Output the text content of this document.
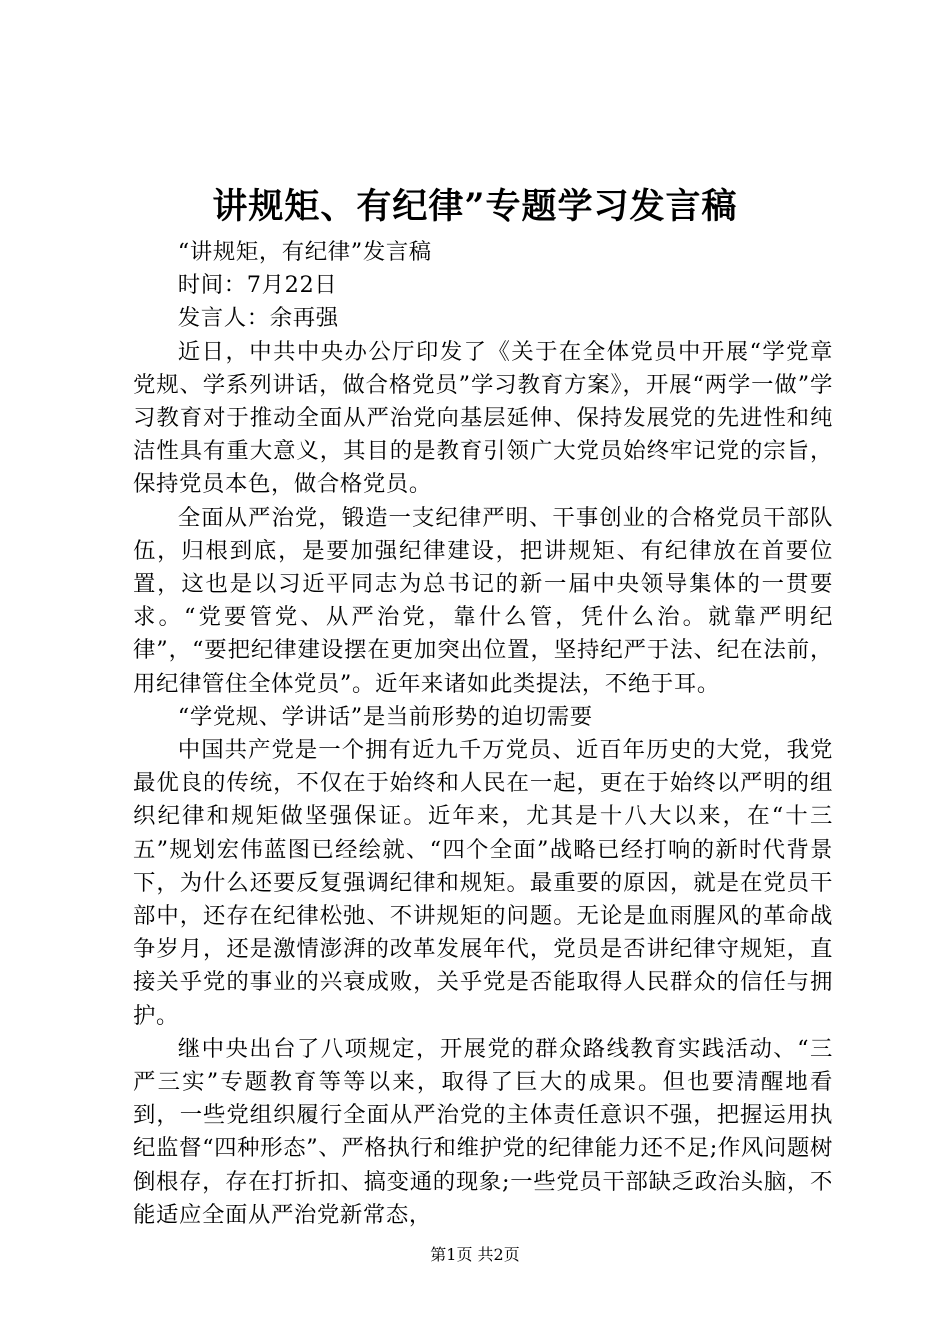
讲规矩、有纪律”专题学习发言稿

“讲规矩，有纪律”发言稿

时间：7月22日

发言人：余再强

近日，中共中央办公厅印发了《关于在全体党员中开展“学党章党规、学系列讲话，做合格党员”学习教育方案》，开展“两学一做”学习教育对于推动全面从严治党向基层延伸、保持发展党的先进性和纯洁性具有重大意义，其目的是教育引领广大党员始终牢记党的宗旨，保持党员本色，做合格党员。

全面从严治党，锻造一支纪律严明、干事创业的合格党员干部队伍，归根到底，是要加强纪律建设，把讲规矩、有纪律放在首要位置，这也是以习近平同志为总书记的新一届中央领导集体的一贯要求。“党要管党、从严治党，靠什么管，凭什么治。就靠严明纪律”，“要把纪律建设摆在更加突出位置，坚持纪严于法、纪在法前，用纪律管住全体党员”。近年来诸如此类提法，不绝于耳。

“学党规、学讲话”是当前形势的迫切需要

中国共产党是一个拥有近九千万党员、近百年历史的大党，我党最优良的传统，不仅在于始终和人民在一起，更在于始终以严明的组织纪律和规矩做坚强保证。近年来，尤其是十八大以来，在“十三五”规划宏伟蓝图已经绘就、“四个全面”战略已经打响的新时代背景下，为什么还要反复强调纪律和规矩。最重要的原因，就是在党员干部中，还存在纪律松弛、不讲规矩的问题。无论是血雨腥风的革命战争岁月，还是激情澎湃的改革发展年代，党员是否讲纪律守规矩，直接关乎党的事业的兴衰成败，关乎党是否能取得人民群众的信任与拥护。

继中央出台了八项规定，开展党的群众路线教育实践活动、“三严三实”专题教育等等以来，取得了巨大的成果。但也要清醒地看到，一些党组织履行全面从严治党的主体责任意识不强，把握运用执纪监督“四种形态”、严格执行和维护党的纪律能力还不足;作风问题树倒根存，存在打折扣、搞变通的现象;一些党员干部缺乏政治头脑，不能适应全面从严治党新常态，

第1页 共2页
